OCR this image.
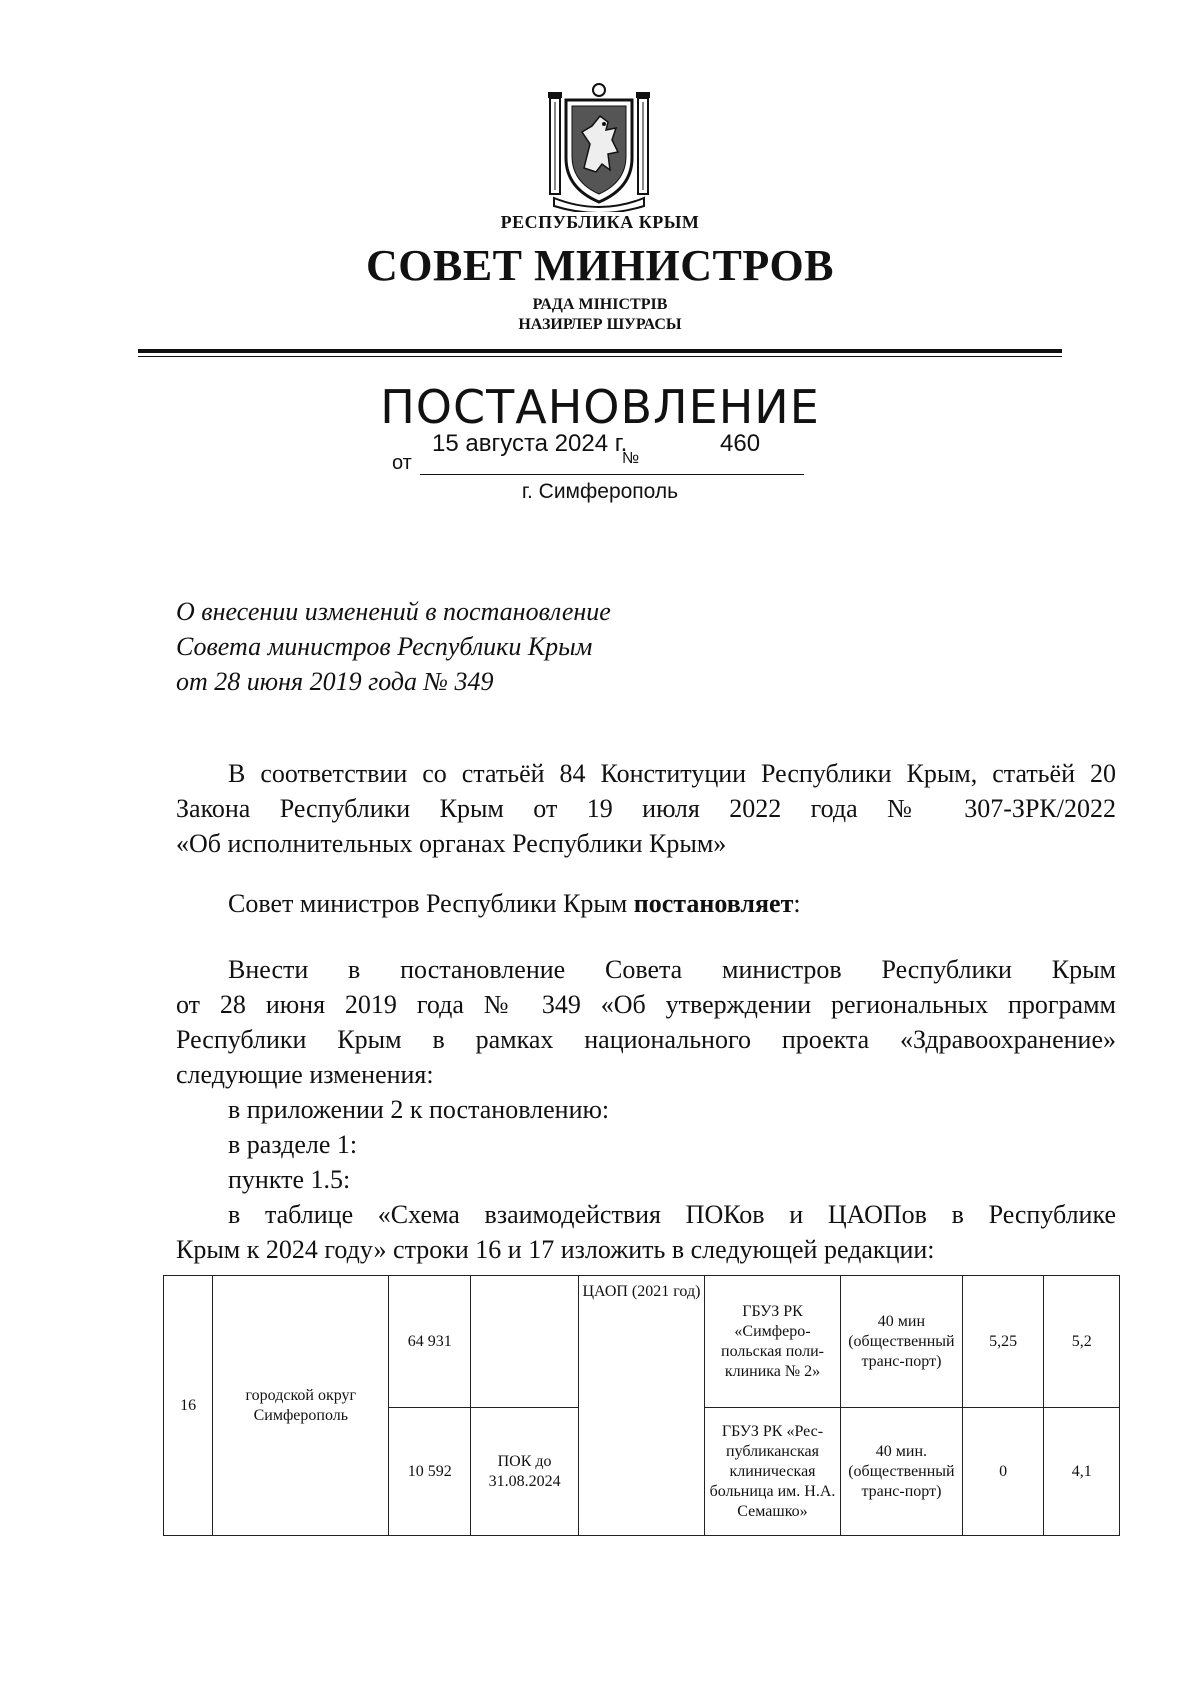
РЕСПУБЛИКА КРЫМ
СОВЕТ МИНИСТРОВ
РАДА МІНІСТРІВ
НАЗИРЛЕР ШУРАСЫ
ПОСТАНОВЛЕНИЕ
от
15 августа 2024 г.
№
460
г. Симферополь
О внесении изменений в постановление
Совета министров Республики Крым
от 28 июня 2019 года № 349
В соответствии со статьёй 84 Конституции Республики Крым, статьёй 20
Закона Республики Крым от 19 июля 2022 года № 307-ЗРК/2022
«Об исполнительных органах Республики Крым»
Совет министров Республики Крым постановляет:
Внести в постановление Совета министров Республики Крым
от 28 июня 2019 года № 349 «Об утверждении региональных программ
Республики Крым в рамках национального проекта «Здравоохранение»
следующие изменения:
в приложении 2 к постановлению:
в разделе 1:
пункте 1.5:
в таблице «Схема взаимодействия ПОКов и ЦАОПов в Республике
Крым к 2024 году» строки 16 и 17 изложить в следующей редакции:
16	городской округ Симферополь	64 931		ЦАОП (2021 год)	ГБУЗ РК «Симферо-польская поли-клиника № 2»	40 мин (общественный транс-порт)	5,25	5,2
		10 592	ПОК до 31.08.2024		ГБУЗ РК «Рес-публиканская клиническая больница им. Н.А. Семашко»	40 мин. (общественный транс-порт)	0	4,1
